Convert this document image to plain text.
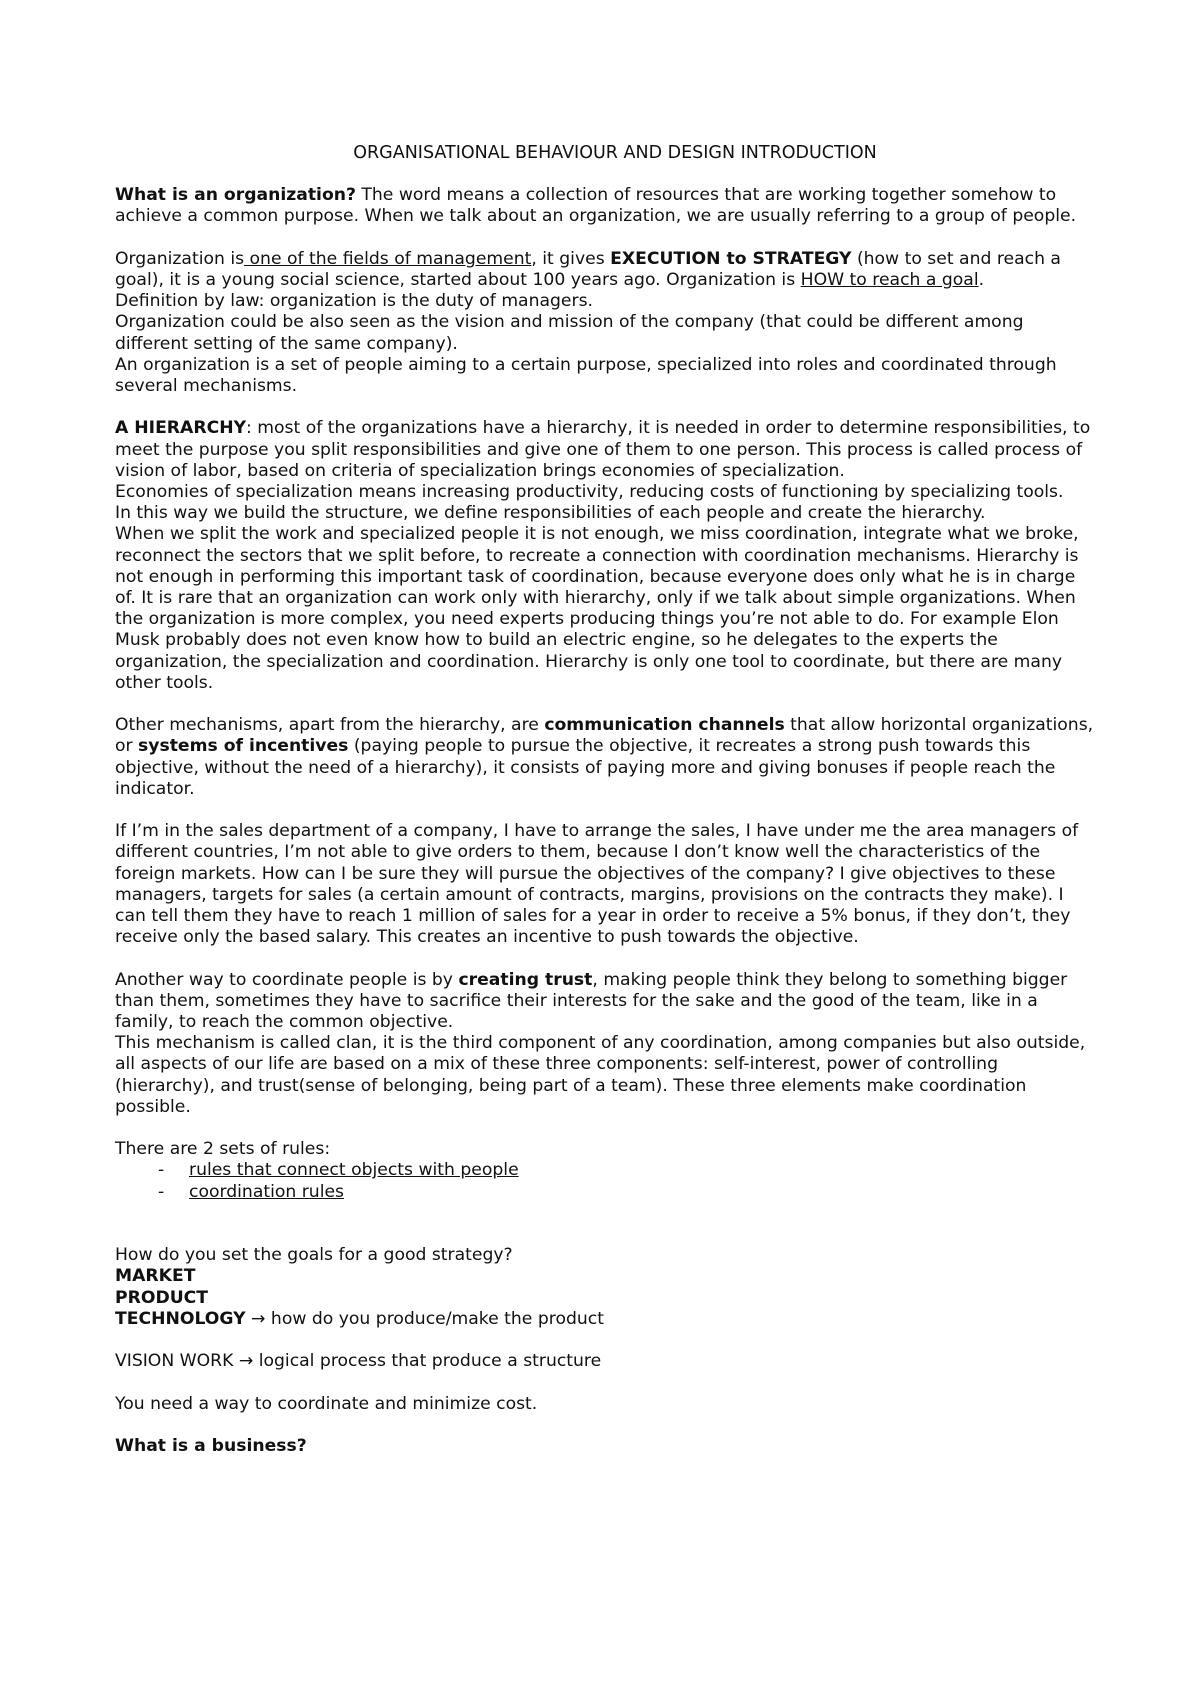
ORGANISATIONAL BEHAVIOUR AND DESIGN INTRODUCTION

What is an organization? The word means a collection of resources that are working together somehow to achieve a common purpose. When we talk about an organization, we are usually referring to a group of people.

Organization is one of the fields of management, it gives EXECUTION to STRATEGY (how to set and reach a goal), it is a young social science, started about 100 years ago. Organization is HOW to reach a goal.

Definition by law: organization is the duty of managers.

Organization could be also seen as the vision and mission of the company (that could be different among different setting of the same company).

An organization is a set of people aiming to a certain purpose, specialized into roles and coordinated through several mechanisms.

A HIERARCHY: most of the organizations have a hierarchy, it is needed in order to determine responsibilities, to meet the purpose you split responsibilities and give one of them to one person. This process is called process of vision of labor, based on criteria of specialization brings economies of specialization.

Economies of specialization means increasing productivity, reducing costs of functioning by specializing tools.

In this way we build the structure, we define responsibilities of each people and create the hierarchy.

When we split the work and specialized people it is not enough, we miss coordination, integrate what we broke, reconnect the sectors that we split before, to recreate a connection with coordination mechanisms. Hierarchy is not enough in performing this important task of coordination, because everyone does only what he is in charge of. It is rare that an organization can work only with hierarchy, only if we talk about simple organizations. When the organization is more complex, you need experts producing things you’re not able to do. For example Elon Musk probably does not even know how to build an electric engine, so he delegates to the experts the organization, the specialization and coordination. Hierarchy is only one tool to coordinate, but there are many other tools.

Other mechanisms, apart from the hierarchy, are communication channels that allow horizontal organizations, or systems of incentives (paying people to pursue the objective, it recreates a strong push towards this objective, without the need of a hierarchy), it consists of paying more and giving bonuses if people reach the indicator.

If I’m in the sales department of a company, I have to arrange the sales, I have under me the area managers of different countries, I’m not able to give orders to them, because I don’t know well the characteristics of the foreign markets. How can I be sure they will pursue the objectives of the company? I give objectives to these managers, targets for sales (a certain amount of contracts, margins, provisions on the contracts they make). I can tell them they have to reach 1 million of sales for a year in order to receive a 5% bonus, if they don’t, they receive only the based salary. This creates an incentive to push towards the objective.

Another way to coordinate people is by creating trust, making people think they belong to something bigger than them, sometimes they have to sacrifice their interests for the sake and the good of the team, like in a family, to reach the common objective.

This mechanism is called clan, it is the third component of any coordination, among companies but also outside, all aspects of our life are based on a mix of these three components: self-interest, power of controlling (hierarchy), and trust(sense of belonging, being part of a team). These three elements make coordination possible.

There are 2 sets of rules:

- rules that connect objects with people
- coordination rules

How do you set the goals for a good strategy?

MARKET

PRODUCT

TECHNOLOGY → how do you produce/make the product

VISION WORK → logical process that produce a structure

You need a way to coordinate and minimize cost.

What is a business?
